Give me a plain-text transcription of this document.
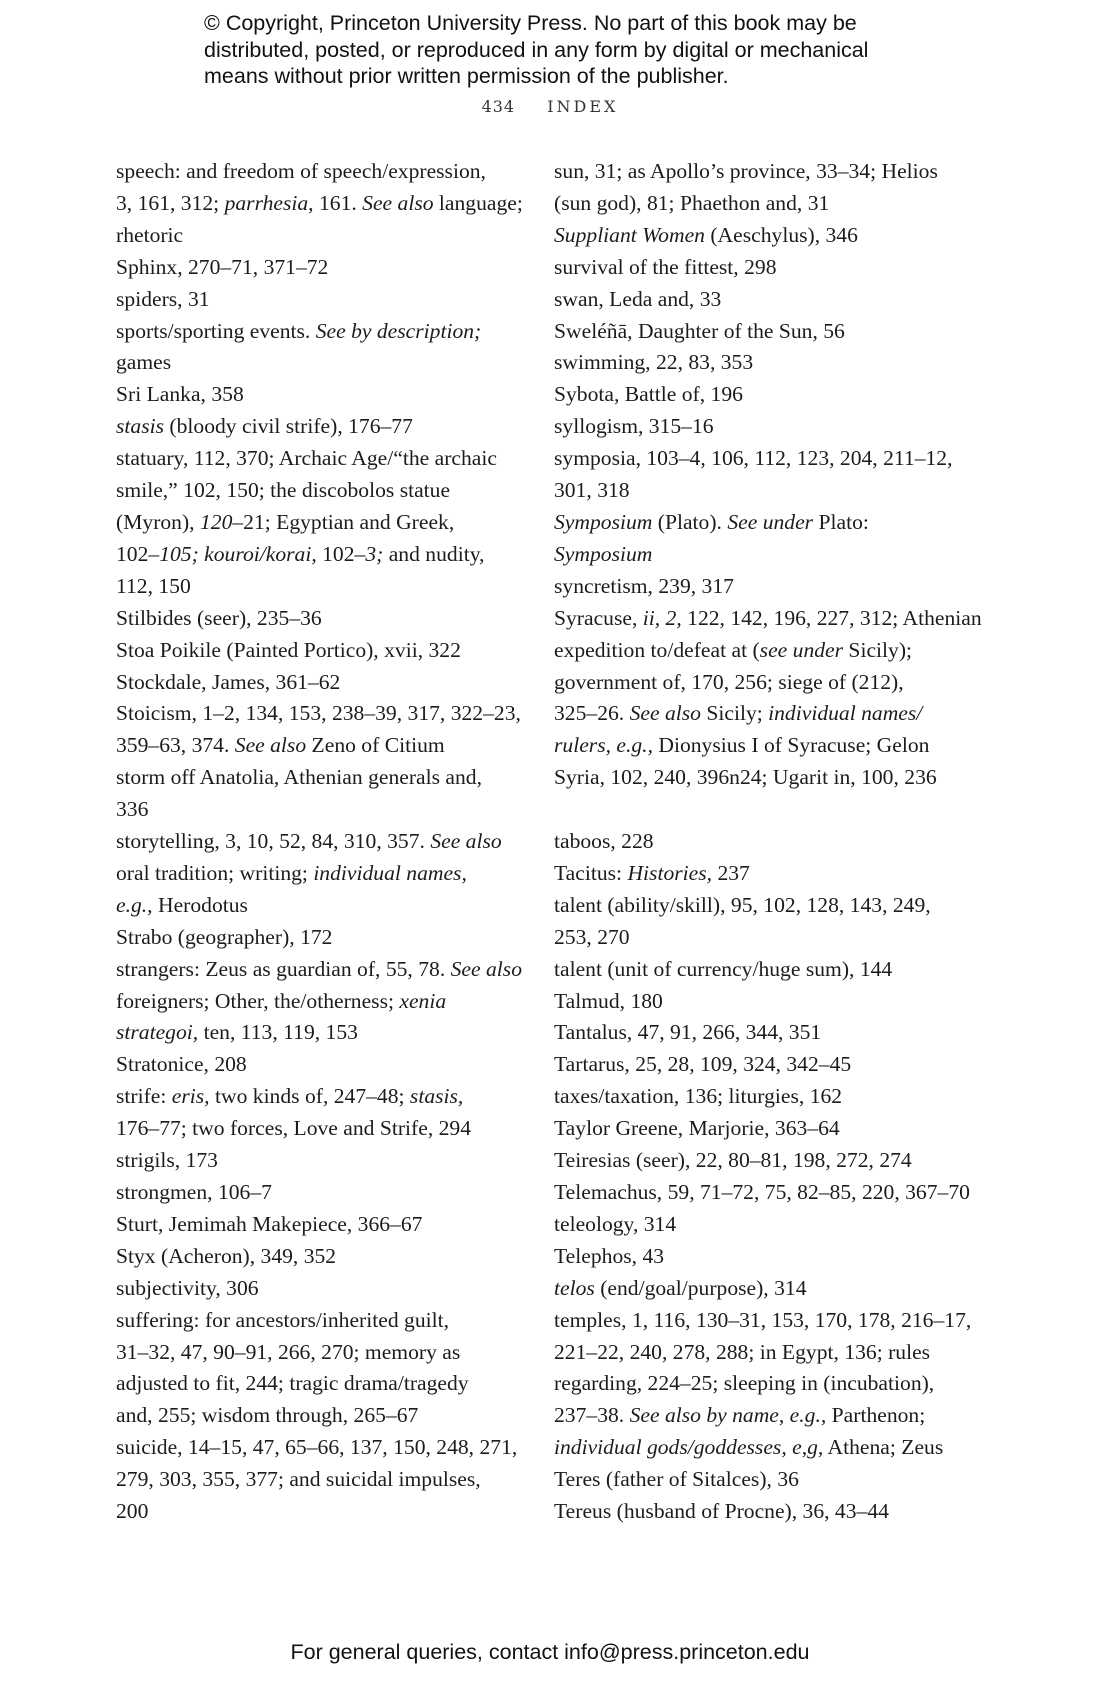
© Copyright, Princeton University Press. No part of this book may be
distributed, posted, or reproduced in any form by digital or mechanical
means without prior written permission of the publisher.
434 INDEX
speech: and freedom of speech/expression,
3, 161, 312; parrhesia, 161. See also language;
rhetoric
Sphinx, 270–71, 371–72
spiders, 31
sports/sporting events. See by description;
games
Sri Lanka, 358
stasis (bloody civil strife), 176–77
statuary, 112, 370; Archaic Age/“the archaic
smile,” 102, 150; the discobolos statue
(Myron), 120–21; Egyptian and Greek,
102–105; kouroi/korai, 102–3; and nudity,
112, 150
Stilbides (seer), 235–36
Stoa Poikile (Painted Portico), xvii, 322
Stockdale, James, 361–62
Stoicism, 1–2, 134, 153, 238–39, 317, 322–23,
359–63, 374. See also Zeno of Citium
storm off Anatolia, Athenian generals and,
336
storytelling, 3, 10, 52, 84, 310, 357. See also
oral tradition; writing; individual names,
e.g., Herodotus
Strabo (geographer), 172
strangers: Zeus as guardian of, 55, 78. See also
foreigners; Other, the/otherness; xenia
strategoi, ten, 113, 119, 153
Stratonice, 208
strife: eris, two kinds of, 247–48; stasis,
176–77; two forces, Love and Strife, 294
strigils, 173
strongmen, 106–7
Sturt, Jemimah Makepiece, 366–67
Styx (Acheron), 349, 352
subjectivity, 306
suffering: for ancestors/inherited guilt,
31–32, 47, 90–91, 266, 270; memory as
adjusted to fit, 244; tragic drama/tragedy
and, 255; wisdom through, 265–67
suicide, 14–15, 47, 65–66, 137, 150, 248, 271,
279, 303, 355, 377; and suicidal impulses,
200
sun, 31; as Apollo’s province, 33–34; Helios
(sun god), 81; Phaethon and, 31
Suppliant Women (Aeschylus), 346
survival of the fittest, 298
swan, Leda and, 33
Sweléñā, Daughter of the Sun, 56
swimming, 22, 83, 353
Sybota, Battle of, 196
syllogism, 315–16
symposia, 103–4, 106, 112, 123, 204, 211–12,
301, 318
Symposium (Plato). See under Plato:
Symposium
syncretism, 239, 317
Syracuse, ii, 2, 122, 142, 196, 227, 312; Athenian
expedition to/defeat at (see under Sicily);
government of, 170, 256; siege of (212),
325–26. See also Sicily; individual names/
rulers, e.g., Dionysius I of Syracuse; Gelon
Syria, 102, 240, 396n24; Ugarit in, 100, 236
taboos, 228
Tacitus: Histories, 237
talent (ability/skill), 95, 102, 128, 143, 249,
253, 270
talent (unit of currency/huge sum), 144
Talmud, 180
Tantalus, 47, 91, 266, 344, 351
Tartarus, 25, 28, 109, 324, 342–45
taxes/taxation, 136; liturgies, 162
Taylor Greene, Marjorie, 363–64
Teiresias (seer), 22, 80–81, 198, 272, 274
Telemachus, 59, 71–72, 75, 82–85, 220, 367–70
teleology, 314
Telephos, 43
telos (end/goal/purpose), 314
temples, 1, 116, 130–31, 153, 170, 178, 216–17,
221–22, 240, 278, 288; in Egypt, 136; rules
regarding, 224–25; sleeping in (incubation),
237–38. See also by name, e.g., Parthenon;
individual gods/goddesses, e,g, Athena; Zeus
Teres (father of Sitalces), 36
Tereus (husband of Procne), 36, 43–44
For general queries, contact info@press.princeton.edu
